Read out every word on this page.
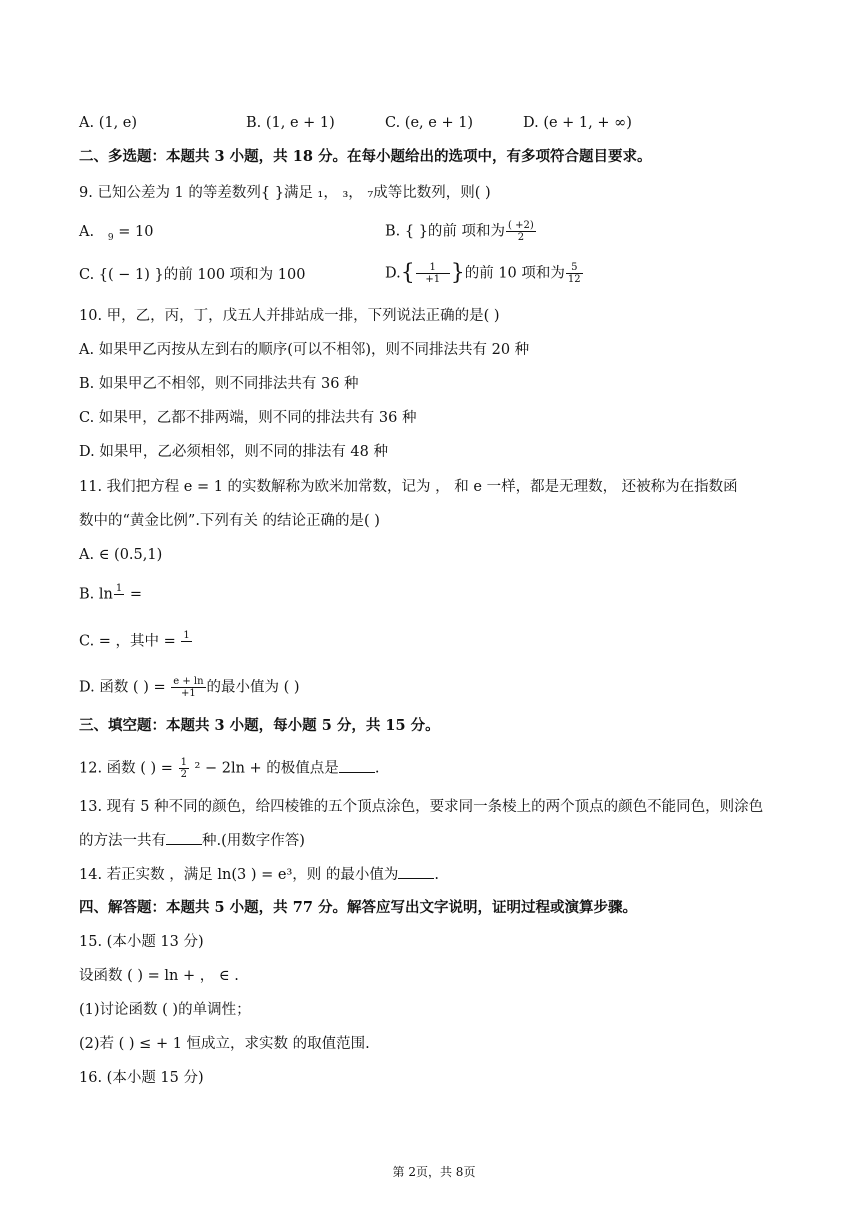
A. (1, e)	B. (1, e + 1)	C. (e, e + 1)	D. (e + 1, + ∞)
二、多选题：本题共 3 小题，共 18 分。在每小题给出的选项中，有多项符合题目要求。
9. 已知公差为 1 的等差数列{ }满足 ₁， ₃， ₇成等比数列，则( )
A. $_9$ = 10	B. { }的前 项和为 $\frac{( +2)}{2}$
C. {( − 1) }的前 100 项和为 100	$D.\{ \frac{1}{+1}$ }的前 10 项和为 $\frac{5}{12}$
10. 甲，乙，丙，丁，戊五人并排站成一排，下列说法正确的是( )
A. 如果甲乙丙按从左到右的顺序(可以不相邻)，则不同排法共有 20 种
B. 如果甲乙不相邻，则不同排法共有 36 种
C. 如果甲，乙都不排两端，则不同的排法共有 36 种
D. 如果甲，乙必须相邻，则不同的排法有 48 种
11. 我们把方程 e = 1 的实数解称为欧米加常数，记为 ， 和 e 一样，都是无理数， 还被称为在指数函
数中的“黄金比例”.下列有关 的结论正确的是( )
A. ∈ (0.5,1)
B. ln 1
=
C. = ，其中 = 1

D. 函数 ( ) = $\frac{e + \ln}{+1}$ 的最小值为 ( )
三、填空题：本题共 3 小题，每小题 5 分，共 15 分。
12. 函数 ( ) = $\frac{1}{2} ^2 - 2\ln$ + 的极值点是 .
13. 现有 5 种不同的颜色，给四棱锥的五个顶点涂色，要求同一条棱上的两个顶点的颜色不能同色，则涂色
的方法一共有 种.(用数字作答)
14. 若正实数 ，满足 ln(3 ) = e³，则 的最小值为 .
四、解答题：本题共 5 小题，共 77 分。解答应写出文字说明，证明过程或演算步骤。
15. (本小题 13 分)
设函数 ( ) = ln + ， ∈ .
(1)讨论函数 ( )的单调性；
(2)若 ( ) ≤ + 1 恒成立，求实数 的取值范围.
16. (本小题 15 分)
第 2页，共 8页
